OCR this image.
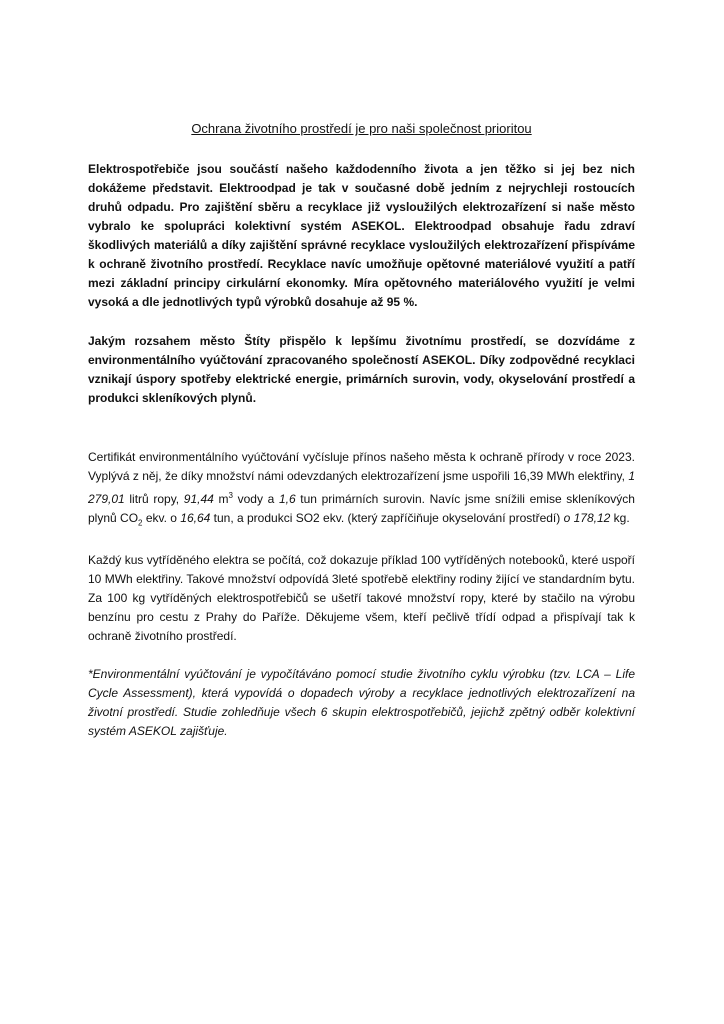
Ochrana životního prostředí je pro naši společnost prioritou

Elektrospotřebiče jsou součástí našeho každodenního života a jen těžko si jej bez nich dokážeme představit. Elektroodpad je tak v současné době jedním z nejrychleji rostoucích druhů odpadu. Pro zajištění sběru a recyklace již vysloužilých elektrozařízení si naše město vybralo ke spolupráci kolektivní systém ASEKOL. Elektroodpad obsahuje řadu zdraví škodlivých materiálů a díky zajištění správné recyklace vysloužilých elektrozařízení přispíváme k ochraně životního prostředí. Recyklace navíc umožňuje opětovné materiálové využití a patří mezi základní principy cirkulární ekonomky. Míra opětovného materiálového využití je velmi vysoká a dle jednotlivých typů výrobků dosahuje až 95 %.

Jakým rozsahem město Štíty přispělo k lepšímu životnímu prostředí, se dozvídáme z environmentálního vyúčtování zpracovaného společností ASEKOL. Díky zodpovědné recyklaci vznikají úspory spotřeby elektrické energie, primárních surovin, vody, okyselování prostředí a produkci skleníkových plynů.

Certifikát environmentálního vyúčtování vyčísluje přínos našeho města k ochraně přírody v roce 2023. Vyplývá z něj, že díky množství námi odevzdaných elektrozařízení jsme uspořili 16,39 MWh elektřiny, 1 279,01 litrů ropy, 91,44 $m^3$ vody a 1,6 tun primárních surovin. Navíc jsme snížili emise skleníkových plynů $CO_2$ ekv. o 16,64 tun, a produkci SO2 ekv. (který zapříčiňuje okyselování prostředí) o 178,12 kg.

Každý kus vytříděného elektra se počítá, což dokazuje příklad 100 vytříděných notebooků, které uspoří 10 MWh elektřiny. Takové množství odpovídá 3leté spotřebě elektřiny rodiny žijící ve standardním bytu. Za 100 kg vytříděných elektrospotřebičů se ušetří takové množství ropy, které by stačilo na výrobu benzínu pro cestu z Prahy do Paříže. Děkujeme všem, kteří pečlivě třídí odpad a přispívají tak k ochraně životního prostředí.

*Environmentální vyúčtování je vypočítáváno pomocí studie životního cyklu výrobku (tzv. LCA – Life Cycle Assessment), která vypovídá o dopadech výroby a recyklace jednotlivých elektrozařízení na životní prostředí. Studie zohledňuje všech 6 skupin elektrospotřebičů, jejichž zpětný odběr kolektivní systém ASEKOL zajišťuje.
